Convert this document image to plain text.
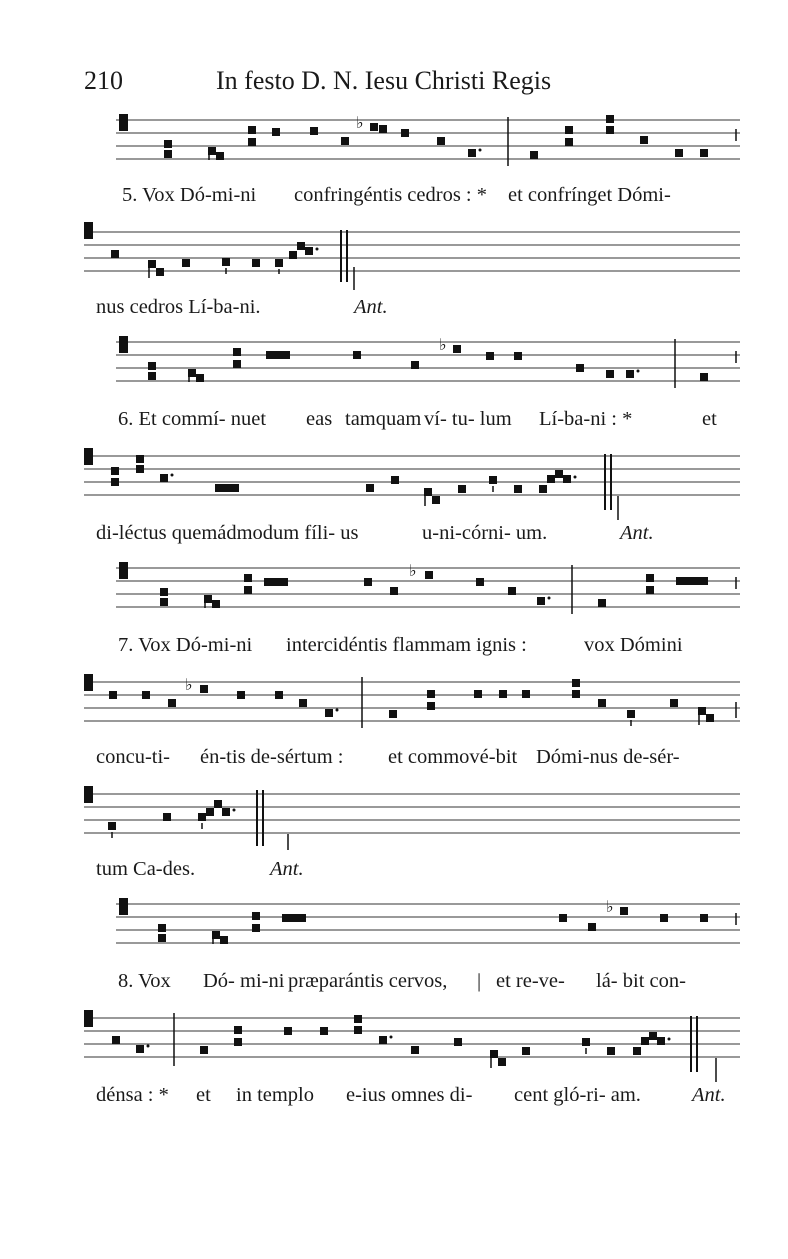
210	In festo D. N. Iesu Christi Regis
♭
5. Vox Dó-mi-ni confringéntis cedros : * et confrínget Dómi-
nus cedros Lí-ba-ni.	Ant.
♭
6. Et commí- nuet eas tamquam ví- tu- lum Lí-ba-ni : *	et
di-léctus quemádmodum fíli- us	u-ni-córni- um.	Ant.
♭
7. Vox Dó-mi-ni intercidéntis flammam ignis :	vox Dómini
♭
concu-ti- én-tis de-sértum : et commové-bit Dómi-nus de-sér-
tum Ca-des.	Ant.
♭
8. Vox Dó- mi-ni præparántis cervos, | et re-ve- lá- bit con-
dénsa : * et in templo e-ius omnes di- cent gló-ri- am. Ant.
